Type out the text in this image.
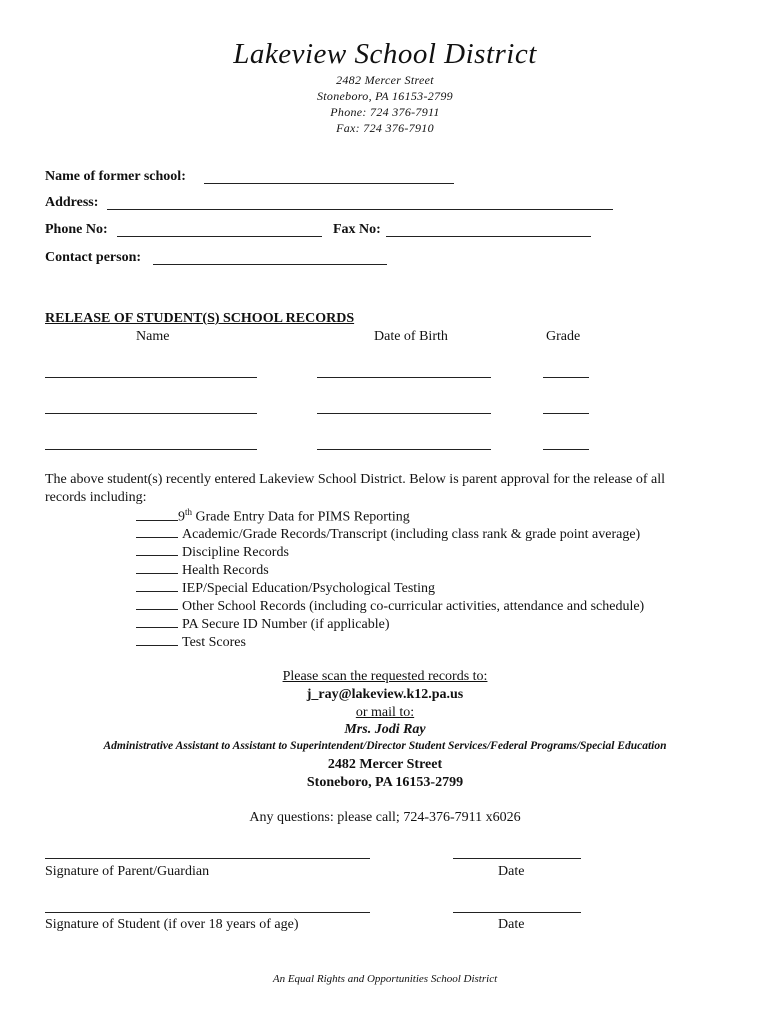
Lakeview School District
2482 Mercer Street
Stoneboro, PA 16153-2799
Phone: 724 376-7911
Fax: 724 376-7910
Name of former school:
Address:
Phone No:	Fax No:
Contact person:
RELEASE OF STUDENT(S) SCHOOL RECORDS
Name	Date of Birth	Grade
The above student(s) recently entered Lakeview School District. Below is parent approval for the release of all
records including:
9th Grade Entry Data for PIMS Reporting
Academic/Grade Records/Transcript (including class rank & grade point average)
Discipline Records
Health Records
IEP/Special Education/Psychological Testing
Other School Records (including co-curricular activities, attendance and schedule)
PA Secure ID Number (if applicable)
Test Scores
Please scan the requested records to:
j_ray@lakeview.k12.pa.us
or mail to:
Mrs. Jodi Ray
Administrative Assistant to Assistant to Superintendent/Director Student Services/Federal Programs/Special Education
2482 Mercer Street
Stoneboro, PA 16153-2799
Any questions: please call; 724-376-7911 x6026
Signature of Parent/Guardian	Date
Signature of Student (if over 18 years of age)	Date
An Equal Rights and Opportunities School District
